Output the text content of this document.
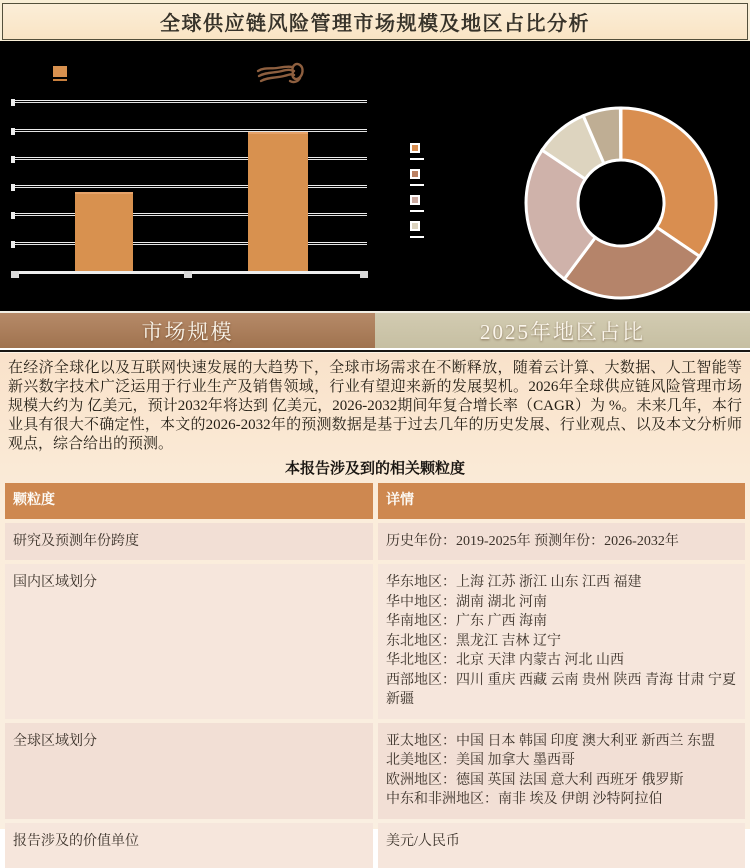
全球供应链风险管理市场规模及地区占比分析
市场规模	2025年地区占比

在经济全球化以及互联网快速发展的大趋势下，全球市场需求在不断释放，随着云计算、大数据、人工智能等新兴数字技术广泛运用于行业生产及销售领域，行业有望迎来新的发展契机。2026年全球供应链风险管理市场规模大约为 亿美元，预计2032年将达到 亿美元，2026-2032期间年复合增长率（CAGR）为 %。未来几年，本行业具有很大不确定性，本文的2026-2032年的预测数据是基于过去几年的历史发展、行业观点、以及本文分析师观点，综合给出的预测。

本报告涉及到的相关颗粒度
颗粒度	详情
研究及预测年份跨度	历史年份：2019-2025年 预测年份：2026-2032年
国内区域划分	华东地区：上海 江苏 浙江 山东 江西 福建
华中地区：湖南 湖北 河南
华南地区：广东 广西 海南
东北地区：黑龙江 吉林 辽宁
华北地区：北京 天津 内蒙古 河北 山西
西部地区：四川 重庆 西藏 云南 贵州 陕西 青海 甘肃 宁夏 新疆
全球区域划分	亚太地区：中国 日本 韩国 印度 澳大利亚 新西兰 东盟
北美地区：美国 加拿大 墨西哥
欧洲地区：德国 英国 法国 意大利 西班牙 俄罗斯
中东和非洲地区：南非 埃及 伊朗 沙特阿拉伯
报告涉及的价值单位	美元/人民币
